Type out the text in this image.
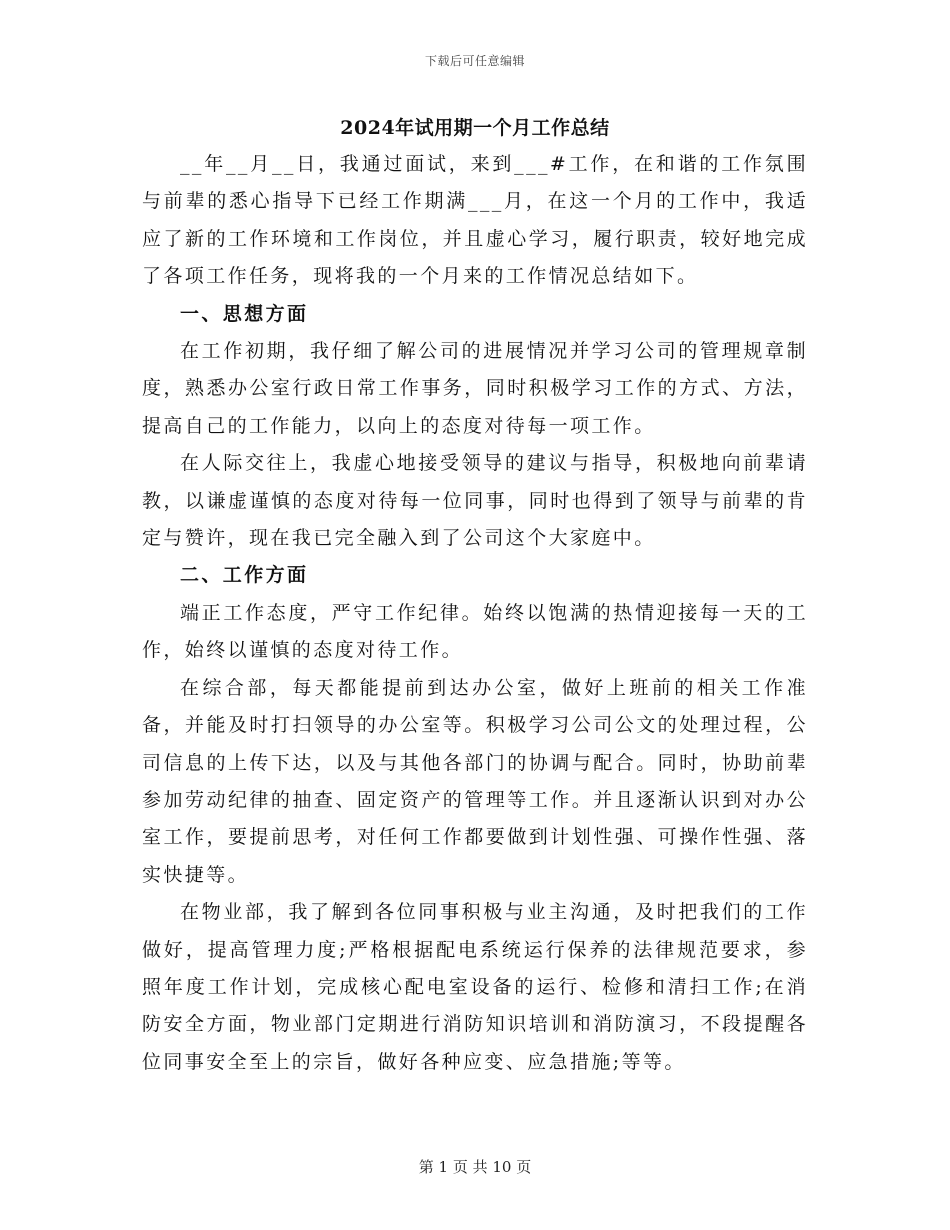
下载后可任意编辑
2024年试用期一个月工作总结

__年__月__日，我通过面试，来到___#工作，在和谐的工作氛围与前辈的悉心指导下已经工作期满___月，在这一个月的工作中，我适应了新的工作环境和工作岗位，并且虚心学习，履行职责，较好地完成了各项工作任务，现将我的一个月来的工作情况总结如下。

一、思想方面

在工作初期，我仔细了解公司的进展情况并学习公司的管理规章制度，熟悉办公室行政日常工作事务，同时积极学习工作的方式、方法，提高自己的工作能力，以向上的态度对待每一项工作。

在人际交往上，我虚心地接受领导的建议与指导，积极地向前辈请教，以谦虚谨慎的态度对待每一位同事，同时也得到了领导与前辈的肯定与赞许，现在我已完全融入到了公司这个大家庭中。

二、工作方面

端正工作态度，严守工作纪律。始终以饱满的热情迎接每一天的工作，始终以谨慎的态度对待工作。

在综合部，每天都能提前到达办公室，做好上班前的相关工作准备，并能及时打扫领导的办公室等。积极学习公司公文的处理过程，公司信息的上传下达，以及与其他各部门的协调与配合。同时，协助前辈参加劳动纪律的抽查、固定资产的管理等工作。并且逐渐认识到对办公室工作，要提前思考，对任何工作都要做到计划性强、可操作性强、落实快捷等。

在物业部，我了解到各位同事积极与业主沟通，及时把我们的工作做好，提高管理力度;严格根据配电系统运行保养的法律规范要求，参照年度工作计划，完成核心配电室设备的运行、检修和清扫工作;在消防安全方面，物业部门定期进行消防知识培训和消防演习，不段提醒各位同事安全至上的宗旨，做好各种应变、应急措施;等等。

第 1 页 共 10 页
